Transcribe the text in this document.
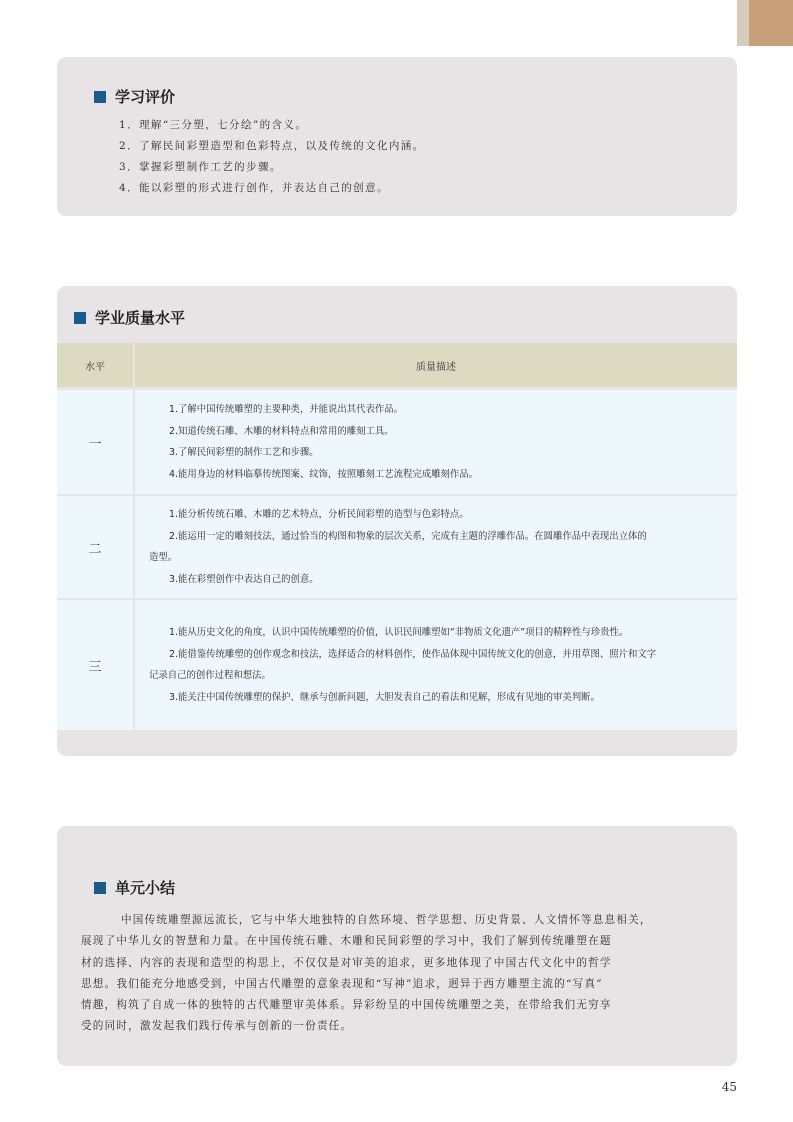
学习评价
1．理解“三分塑，七分绘”的含义。
2．了解民间彩塑造型和色彩特点，以及传统的文化内涵。
3．掌握彩塑制作工艺的步骤。
4．能以彩塑的形式进行创作，并表达自己的创意。
学业质量水平
水平	质量描述
一
1.了解中国传统雕塑的主要种类，并能说出其代表作品。
2.知道传统石雕、木雕的材料特点和常用的雕刻工具。
3.了解民间彩塑的制作工艺和步骤。
4.能用身边的材料临摹传统图案、纹饰，按照雕刻工艺流程完成雕刻作品。
二
1.能分析传统石雕、木雕的艺术特点，分析民间彩塑的造型与色彩特点。
2.能运用一定的雕刻技法，通过恰当的构图和物象的层次关系，完成有主题的浮雕作品。在圆雕作品中表现出立体的
造型。
3.能在彩塑创作中表达自己的创意。
三
1.能从历史文化的角度，认识中国传统雕塑的价值，认识民间雕塑如“非物质文化遗产”项目的精粹性与珍贵性。
2.能借鉴传统雕塑的创作观念和技法，选择适合的材料创作，使作品体现中国传统文化的创意，并用草图、照片和文字
记录自己的创作过程和想法。
3.能关注中国传统雕塑的保护、继承与创新问题，大胆发表自己的看法和见解，形成有见地的审美判断。
单元小结
中国传统雕塑源远流长，它与中华大地独特的自然环境、哲学思想、历史背景、人文情怀等息息相关，
展现了中华儿女的智慧和力量。在中国传统石雕、木雕和民间彩塑的学习中，我们了解到传统雕塑在题
材的选择、内容的表现和造型的构思上，不仅仅是对审美的追求，更多地体现了中国古代文化中的哲学
思想。我们能充分地感受到，中国古代雕塑的意象表现和“写神”追求，迥异于西方雕塑主流的“写真”
情趣，构筑了自成一体的独特的古代雕塑审美体系。异彩纷呈的中国传统雕塑之美，在带给我们无穷享
受的同时，激发起我们践行传承与创新的一份责任。
45
